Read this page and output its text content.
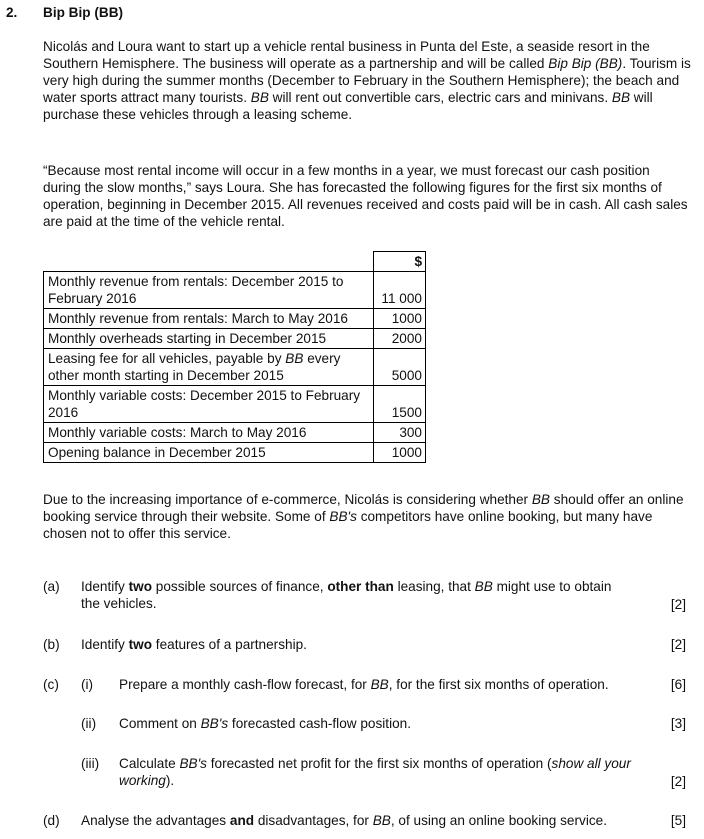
2. Bip Bip (BB)

Nicolás and Loura want to start up a vehicle rental business in Punta del Este, a seaside resort in the Southern Hemisphere. The business will operate as a partnership and will be called Bip Bip (BB). Tourism is very high during the summer months (December to February in the Southern Hemisphere); the beach and water sports attract many tourists. BB will rent out convertible cars, electric cars and minivans. BB will purchase these vehicles through a leasing scheme.

“Because most rental income will occur in a few months in a year, we must forecast our cash position during the slow months,” says Loura. She has forecasted the following figures for the first six months of operation, beginning in December 2015. All revenues received and costs paid will be in cash. All cash sales are paid at the time of the vehicle rental.

	$
Monthly revenue from rentals: December 2015 to February 2016	11 000
Monthly revenue from rentals: March to May 2016	1000
Monthly overheads starting in December 2015	2000
Leasing fee for all vehicles, payable by BB every other month starting in December 2015	5000
Monthly variable costs: December 2015 to February 2016	1500
Monthly variable costs: March to May 2016	300
Opening balance in December 2015	1000

Due to the increasing importance of e-commerce, Nicolás is considering whether BB should offer an online booking service through their website. Some of BB's competitors have online booking, but many have chosen not to offer this service.

(a) Identify two possible sources of finance, other than leasing, that BB might use to obtain the vehicles.	[2]
(b) Identify two features of a partnership.	[2]
(c) (i) Prepare a monthly cash-flow forecast, for BB, for the first six months of operation.	[6]
(ii) Comment on BB's forecasted cash-flow position.	[3]
(iii) Calculate BB's forecasted net profit for the first six months of operation (show all your working).	[2]
(d) Analyse the advantages and disadvantages, for BB, of using an online booking service.	[5]
